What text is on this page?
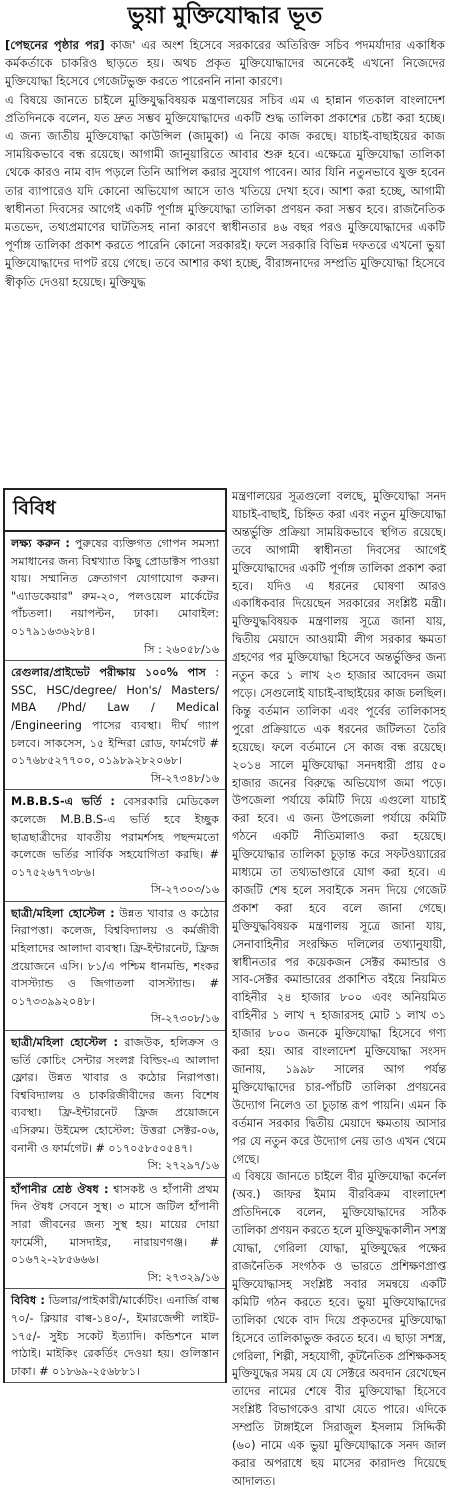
ভুয়া মুক্তিযোদ্ধার ভূত

[পেছনের পৃষ্ঠার পর] কাজ' এর অংশ হিসেবে সরকারের অতিরিক্ত সচিব পদমর্যাদার একাধিক কর্মকর্তাকে চাকরিও ছাড়তে হয়। অথচ প্রকৃত মুক্তিযোদ্ধাদের অনেকেই এখনো নিজেদের মুক্তিযোদ্ধা হিসেবে গেজেটভুক্ত করতে পারেননি নানা কারণে।

এ বিষয়ে জানতে চাইলে মুক্তিযুদ্ধবিষয়ক মন্ত্রণালয়ের সচিব এম এ হান্নান গতকাল বাংলাদেশ প্রতিদিনকে বলেন, যত দ্রুত সম্ভব মুক্তিযোদ্ধাদের একটি শুদ্ধ তালিকা প্রকাশের চেষ্টা করা হচ্ছে। এ জন্য জাতীয় মুক্তিযোদ্ধা কাউন্সিল (জামুকা) এ নিয়ে কাজ করছে। যাচাই-বাছাইয়ের কাজ সাময়িকভাবে বন্ধ রয়েছে। আগামী জানুয়ারিতে আবার শুরু হবে। এক্ষেত্রে মুক্তিযোদ্ধা তালিকা থেকে কারও নাম বাদ পড়লে তিনি আপিল করার সুযোগ পাবেন। আর যিনি নতুনভাবে যুক্ত হবেন তার ব্যাপারেও যদি কোনো অভিযোগ আসে তাও খতিয়ে দেখা হবে। আশা করা হচ্ছে, আগামী স্বাধীনতা দিবসের আগেই একটি পূর্ণাঙ্গ মুক্তিযোদ্ধা তালিকা প্রণয়ন করা সম্ভব হবে। রাজনৈতিক মতভেদ, তথ্যপ্রমাণের ঘাটতিসহ নানা কারণে স্বাধীনতার ৪৬ বছর পরও মুক্তিযোদ্ধাদের একটি পূর্ণাঙ্গ তালিকা প্রকাশ করতে পারেনি কোনো সরকারই। ফলে সরকারি বিভিন্ন দফতরে এখনো ভুয়া মুক্তিযোদ্ধাদের দাপট রয়ে গেছে। তবে আশার কথা হচ্ছে, বীরাঙ্গনাদের সম্প্রতি মুক্তিযোদ্ধা হিসেবে স্বীকৃতি দেওয়া হয়েছে। মুক্তিযুদ্ধ

বিবিধ
লক্ষ্য করুন : পুরুষের ব্যক্তিগত গোপন সমস্যা সমাধানের জন্য বিশ্বখ্যাত কিছু প্রোডাক্টস পাওয়া যায়। সম্মানিত ক্রেতাগণ যোগাযোগ করুন। "এ্যাডকেয়ার" রুম-২০, পলওয়েল মার্কেটের পাঁচতলা। নয়াপল্টন, ঢাকা। মোবাইল: ০১৭৯১৬৩৬২৮৪।
সি : ২৬০৫৮/১৬
রেগুলার/প্রাইভেট পরীক্ষায় ১০০% পাস : SSC, HSC/degree/ Hon's/ Masters/ MBA /Phd/ Law / Medical /Engineering পাসের ব্যবস্থা। দীর্ঘ গ্যাপ চলবে। সাকসেস, ১৫ ইন্দিরা রোড, ফার্মগেট # ০১৭৬৮৫২৭৭০০, ০১৯৮৯২৮২০৬৮।
সি-২৭৩৪৮/১৬
M.B.B.S-এ ভর্তি : বেসরকারি মেডিকেল কলেজে M.B.B.S-এ ভর্তি হবে ইচ্ছুক ছাত্রছাত্রীদের যাবতীয় পরামর্শসহ পছন্দমতো কলেজে ভর্তির সার্বিক সহযোগিতা করছি। # ০১৭৫২৬৭৭৩৮৬।
সি-২৭৩০৩/১৬
ছাত্রী/মহিলা হোস্টেল : উন্নত খাবার ও কঠোর নিরাপত্তা। কলেজ, বিশ্ববিদ্যালয় ও কর্মজীবী মহিলাদের আলাদা ব্যবস্থা। ফ্রি-ইন্টারনেট, ফ্রিজ প্রয়োজনে এসি। ৮১/এ পশ্চিম ধানমন্ডি, শংকর বাসস্ট্যান্ড ও জিগাতলা বাসস্ট্যান্ড। # ০১৭৩৩৯৯২০৪৮।
সি-২৭৩০৮/১৬
ছাত্রী/মহিলা হোস্টেল : রাজউক, হলিক্রস ও ভর্তি কোচিং সেন্টার সংলগ্ন বিল্ডিং-এ আলাদা ফ্লোর। উন্নত খাবার ও কঠোর নিরাপত্তা। বিশ্ববিদ্যালয় ও চাকরিজীবীদের জন্য বিশেষ ব্যবস্থা। ফ্রি-ইন্টারনেট ফ্রিজ প্রয়োজনে এসিরুম। উইমেন্স হোস্টেল: উত্তরা সেক্টর-০৬, বনানী ও ফার্মগেট। # ০১৭০৫৮৫০৫৪৭।
সি: ২৭২৯৭/১৬
হাঁপানীর শ্রেষ্ঠ ঔষধ : শ্বাসকষ্ট ও হাঁপানী প্রথম দিন ঔষধ সেবনে সুস্থ। ৩ মাসে জটিল হাঁপানী সারা জীবনের জন্য সুস্থ হয়। মায়ের দোয়া ফার্মেসী, মাসদাইর, নারায়ণগঞ্জ। # ০১৬৭২-২৮৫৬৬৬।
সি: ২৭৩২৯/১৬
বিবিধ : ডিলার/পাইকারী/মার্কেটিং। এনার্জি বাল্ব ৭০/- ক্লিয়ার বাল্ব-১৪০/-, ইমারজেন্সী লাইট- ১৭৫/- সুইচ সকেট ইত্যাদি। কন্ডিশনে মাল পাঠাই। মাইকিং রেকর্ডিং দেওয়া হয়। গুলিস্তান ঢাকা। # ০১৮৬৯-২৫৬৮৮১।

মন্ত্রণালয়ের সূত্রগুলো বলছে, মুক্তিযোদ্ধা সনদ যাচাই-বাছাই, চিহ্নিত করা এবং নতুন মুক্তিযোদ্ধা অন্তর্ভুক্তি প্রক্রিয়া সাময়িকভাবে স্থগিত রয়েছে। তবে আগামী স্বাধীনতা দিবসের আগেই মুক্তিযোদ্ধাদের একটি পূর্ণাঙ্গ তালিকা প্রকাশ করা হবে। যদিও এ ধরনের ঘোষণা আরও একাধিকবার দিয়েছেন সরকারের সংশ্লিষ্ট মন্ত্রী। মুক্তিযুদ্ধবিষয়ক মন্ত্রণালয় সূত্রে জানা যায়, দ্বিতীয় মেয়াদে আওয়ামী লীগ সরকার ক্ষমতা গ্রহণের পর মুক্তিযোদ্ধা হিসেবে অন্তর্ভুক্তির জন্য নতুন করে ১ লাখ ২৩ হাজার আবেদন জমা পড়ে। সেগুলোই যাচাই-বাছাইয়ের কাজ চলছিল। কিন্তু বর্তমান তালিকা এবং পূর্বের তালিকাসহ পুরো প্রক্রিয়াতে এক ধরনের জটিলতা তৈরি হয়েছে। ফলে বর্তমানে সে কাজ বন্ধ রয়েছে। ২০১৪ সালে মুক্তিযোদ্ধা সনদধারী প্রায় ৫০ হাজার জনের বিরুদ্ধে অভিযোগ জমা পড়ে। উপজেলা পর্যায়ে কমিটি দিয়ে এগুলো যাচাই করা হবে। এ জন্য উপজেলা পর্যায়ে কমিটি গঠনে একটি নীতিমালাও করা হয়েছে। মুক্তিযোদ্ধার তালিকা চূড়ান্ত করে সফটওয়্যারের মাধ্যমে তা তথ্যভাণ্ডারে যোগ করা হবে। এ কাজটি শেষ হলে সবাইকে সনদ দিয়ে গেজেট প্রকাশ করা হবে বলে জানা গেছে। মুক্তিযুদ্ধবিষয়ক মন্ত্রণালয় সূত্রে জানা যায়, সেনাবাহিনীর সংরক্ষিত দলিলের তথ্যানুযায়ী, স্বাধীনতার পর কয়েকজন সেক্টর কমান্ডার ও সাব-সেক্টর কমান্ডারের প্রকাশিত বইয়ে নিয়মিত বাহিনীর ২৪ হাজার ৮০০ এবং অনিয়মিত বাহিনীর ১ লাখ ৭ হাজারসহ মোট ১ লাখ ৩১ হাজার ৮০০ জনকে মুক্তিযোদ্ধা হিসেবে গণ্য করা হয়। আর বাংলাদেশ মুক্তিযোদ্ধা সংসদ জানায়, ১৯৯৮ সালের আগ পর্যন্ত মুক্তিযোদ্ধাদের চার-পাঁচটি তালিকা প্রণয়নের উদ্যোগ নিলেও তা চূড়ান্ত রূপ পায়নি। এমন কি বর্তমান সরকার দ্বিতীয় মেয়াদে ক্ষমতায় আসার পর যে নতুন করে উদ্যোগ নেয় তাও এখন থেমে গেছে।

এ বিষয়ে জানতে চাইলে বীর মুক্তিযোদ্ধা কর্নেল (অব.) জাফর ইমাম বীরবিক্রম বাংলাদেশ প্রতিদিনকে বলেন, মুক্তিযোদ্ধাদের সঠিক তালিকা প্রণয়ন করতে হলে মুক্তিযুদ্ধকালীন সশস্ত্র যোদ্ধা, গেরিলা যোদ্ধা, মুক্তিযুদ্ধের পক্ষের রাজনৈতিক সংগঠক ও ভারতে প্রশিক্ষণপ্রাপ্ত মুক্তিযোদ্ধাসহ সংশ্লিষ্ট সবার সমন্বয়ে একটি কমিটি গঠন করতে হবে। ভুয়া মুক্তিযোদ্ধাদের তালিকা থেকে বাদ দিয়ে প্রকৃতদের মুক্তিযোদ্ধা হিসেবে তালিকাভুক্ত করতে হবে। এ ছাড়া সশস্ত্র, গেরিলা, শিল্পী, সহযোগী, কূটনৈতিক প্রশিক্ষকসহ মুক্তিযুদ্ধের সময় যে যে সেক্টরে অবদান রেখেছেন তাদের নামের শেষে বীর মুক্তিযোদ্ধা হিসেবে সংশ্লিষ্ট বিভাগকেও রাখা যেতে পারে। এদিকে সম্প্রতি টাঙ্গাইলে সিরাজুল ইসলাম সিদ্দিকী (৬০) নামে এক ভুয়া মুক্তিযোদ্ধাকে সনদ জাল করার অপরাধে ছয় মাসের কারাদণ্ড দিয়েছে আদালত।
